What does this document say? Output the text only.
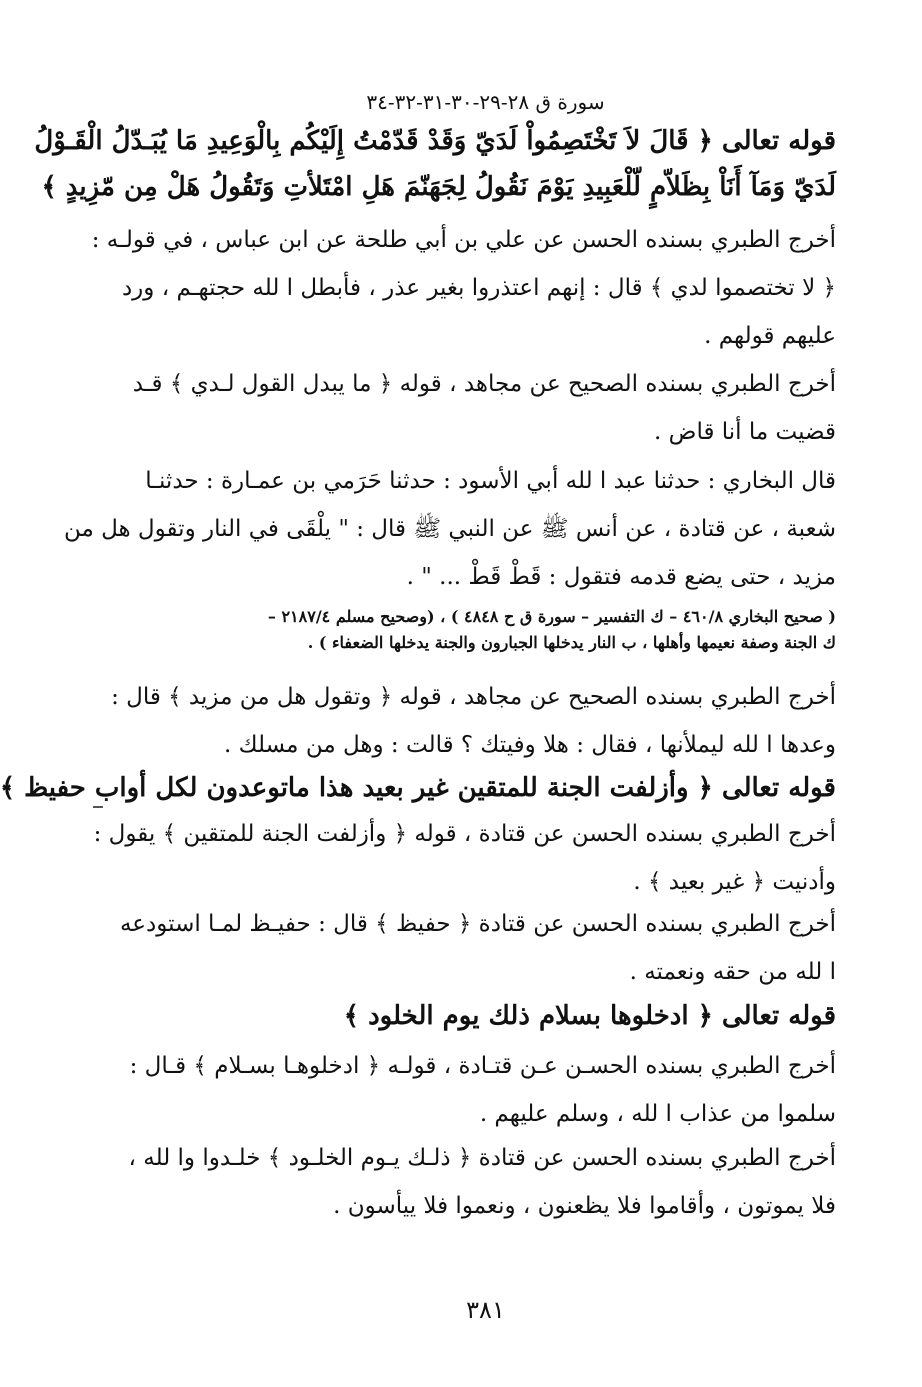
سورة ق ٢٨-٢٩-٣٠-٣١-٣٢-٣٤
قوله تعالى ﴿ قَالَ لاَ تَخْتَصِمُواْ لَدَيّ وَقَدْ قَدّمْتُ إِلَيْكُم بِالْوَعِيدِ مَا يُبَـدّلُ الْقَـوْلُ
لَدَيّ وَمَآ أَنَاْ بِظَلاّمٍ لّلْعَبِيدِ يَوْمَ نَقُولُ لِجَهَنّمَ هَلِ امْتَلأتِ وَتَقُولُ هَلْ مِن مّزِيدٍ ﴾
أخرج الطبري بسنده الحسن عن علي بن أبي طلحة عن ابن عباس ، في قولـه :
﴿ لا تختصموا لدي ﴾ قال : إنهم اعتذروا بغير عذر ، فأبطل ا لله حجتهـم ، ورد
عليهم قولهم .
أخرج الطبري بسنده الصحيح عن مجاهد ، قوله ﴿ ما يبدل القول لـدي ﴾ قـد
قضيت ما أنا قاض .
قال البخاري : حدثنا عبد ا لله أبي الأسود : حدثنا حَرَمي بن عمـارة : حدثنـا
شعبة ، عن قتادة ، عن أنس ﷺ عن النبي ﷺ قال : " يلْقَى في النار وتقول هل من
مزيد ، حتى يضع قدمه فتقول : قَطْ قَطْ ... " .
( صحيح البخاري ٤٦٠/٨ – ك التفسير – سورة ق ح ٤٨٤٨ ) ، (وصحيح مسلم ٢١٨٧/٤ –
ك الجنة وصفة نعيمها وأهلها ، ب النار يدخلها الجبارون والجنة يدخلها الضعفاء ) .
أخرج الطبري بسنده الصحيح عن مجاهد ، قوله ﴿ وتقول هل من مزيد ﴾ قال :
وعدها ا لله ليملأنها ، فقال : هلا وفيتك ؟ قالت : وهل من مسلك .
قوله تعالى ﴿ وأزلفت الجنة للمتقين غير بعيد هذا ماتوعدون لكل أواب حفيظ ﴾
أخرج الطبري بسنده الحسن عن قتادة ، قوله ﴿ وأزلفت الجنة للمتقين ﴾ يقول :
وأدنيت ﴿ غير بعيد ﴾ .
أخرج الطبري بسنده الحسن عن قتادة ﴿ حفيظ ﴾ قال : حفيـظ لمـا استودعه
ا لله من حقه ونعمته .
قوله تعالى ﴿ ادخلوها بسلام ذلك يوم الخلود ﴾
أخرج الطبري بسنده الحسـن عـن قتـادة ، قولـه ﴿ ادخلوهـا بسـلام ﴾ قـال :
سلموا من عذاب ا لله ، وسلم عليهم .
أخرج الطبري بسنده الحسن عن قتادة ﴿ ذلـك يـوم الخلـود ﴾ خلـدوا وا لله ،
فلا يموتون ، وأقاموا فلا يظعنون ، ونعموا فلا ييأسون .
٣٨١
